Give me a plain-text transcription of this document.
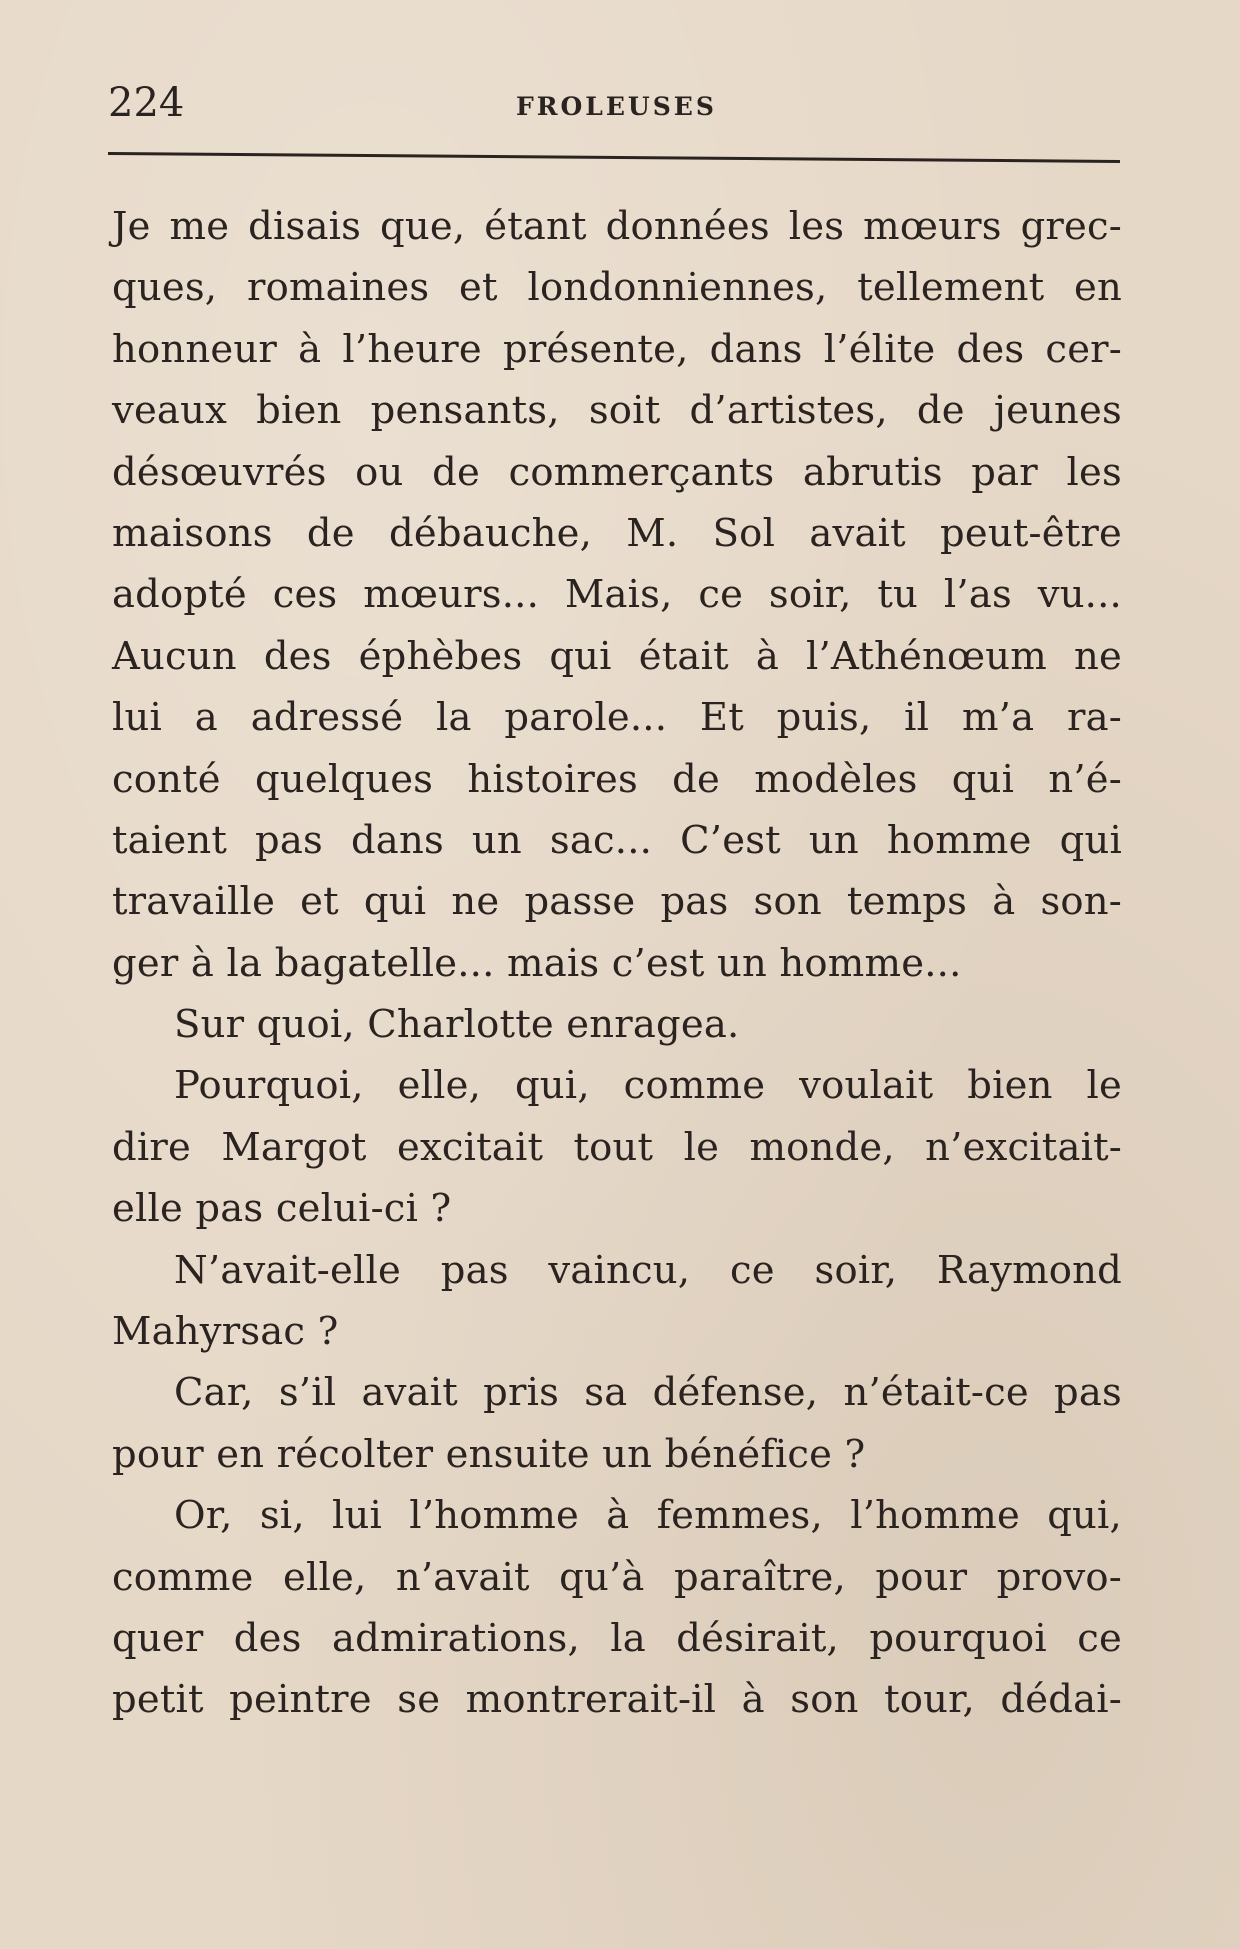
224	FROLEUSES
Je me disais que, étant données les mœurs grec-
ques, romaines et londonniennes, tellement en
honneur à l’heure présente, dans l’élite des cer-
veaux bien pensants, soit d’artistes, de jeunes
désœuvrés ou de commerçants abrutis par les
maisons de débauche, M. Sol avait peut-être
adopté ces mœurs... Mais, ce soir, tu l’as vu...
Aucun des éphèbes qui était à l’Athénœum ne
lui a adressé la parole... Et puis, il m’a ra-
conté quelques histoires de modèles qui n’é-
taient pas dans un sac... C’est un homme qui
travaille et qui ne passe pas son temps à son-
ger à la bagatelle... mais c’est un homme...
Sur quoi, Charlotte enragea.
Pourquoi, elle, qui, comme voulait bien le
dire Margot excitait tout le monde, n’excitait-
elle pas celui-ci ?
N’avait-elle pas vaincu, ce soir, Raymond
Mahyrsac ?
Car, s’il avait pris sa défense, n’était-ce pas
pour en récolter ensuite un bénéfice ?
Or, si, lui l’homme à femmes, l’homme qui,
comme elle, n’avait qu’à paraître, pour provo-
quer des admirations, la désirait, pourquoi ce
petit peintre se montrerait-il à son tour, dédai-
